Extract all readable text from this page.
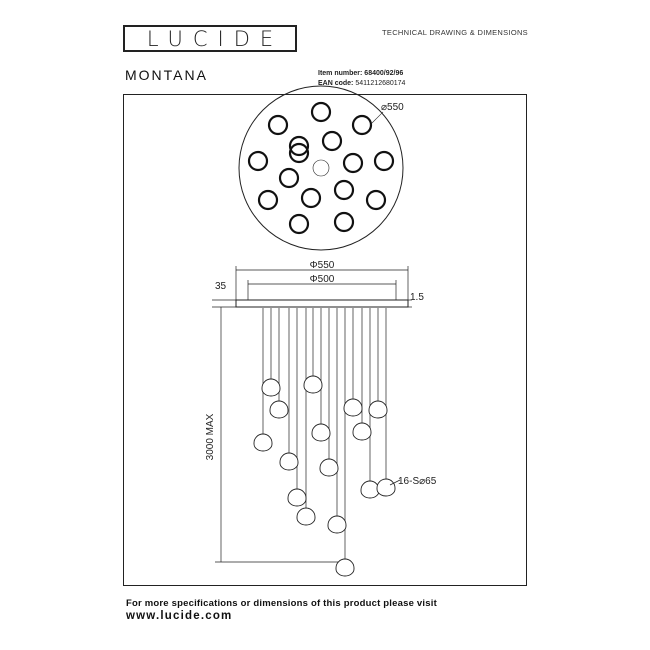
LUCIDE	TECHNICAL DRAWING & DIMENSIONS
MONTANA	Item number: 68400/92/96
EAN code: 5411212680174
⌀550
Φ550
Φ500
35
1.5
3000 MAX
16-S⌀65
For more specifications or dimensions of this product please visit
www.lucide.com
